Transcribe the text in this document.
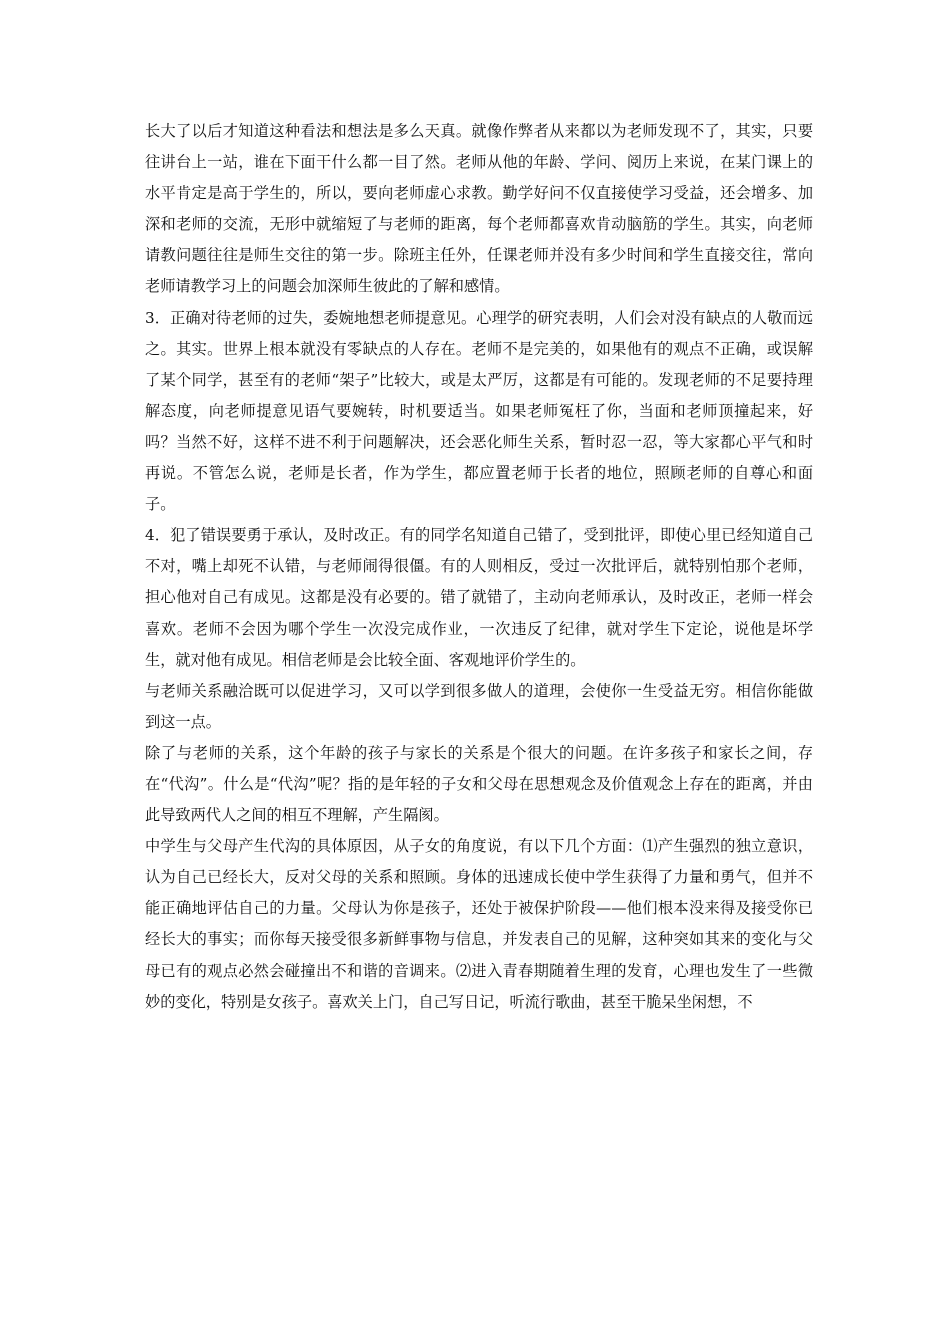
长大了以后才知道这种看法和想法是多么天真。就像作弊者从来都以为老师发现不了，其实，只要往讲台上一站，谁在下面干什么都一目了然。老师从他的年龄、学问、阅历上来说，在某门课上的水平肯定是高于学生的，所以，要向老师虚心求教。勤学好问不仅直接使学习受益，还会增多、加深和老师的交流，无形中就缩短了与老师的距离，每个老师都喜欢肯动脑筋的学生。其实，向老师请教问题往往是师生交往的第一步。除班主任外，任课老师并没有多少时间和学生直接交往，常向老师请教学习上的问题会加深师生彼此的了解和感情。

3．正确对待老师的过失，委婉地想老师提意见。心理学的研究表明，人们会对没有缺点的人敬而远之。其实。世界上根本就没有零缺点的人存在。老师不是完美的，如果他有的观点不正确，或误解了某个同学，甚至有的老师“架子”比较大，或是太严厉，这都是有可能的。发现老师的不足要持理解态度，向老师提意见语气要婉转，时机要适当。如果老师冤枉了你，当面和老师顶撞起来，好吗？当然不好，这样不进不利于问题解决，还会恶化师生关系，暂时忍一忍，等大家都心平气和时再说。不管怎么说，老师是长者，作为学生，都应置老师于长者的地位，照顾老师的自尊心和面子。

4．犯了错误要勇于承认，及时改正。有的同学名知道自己错了，受到批评，即使心里已经知道自己不对，嘴上却死不认错，与老师闹得很僵。有的人则相反，受过一次批评后，就特别怕那个老师，担心他对自己有成见。这都是没有必要的。错了就错了，主动向老师承认，及时改正，老师一样会喜欢。老师不会因为哪个学生一次没完成作业，一次违反了纪律，就对学生下定论，说他是坏学生，就对他有成见。相信老师是会比较全面、客观地评价学生的。

与老师关系融洽既可以促进学习，又可以学到很多做人的道理，会使你一生受益无穷。相信你能做到这一点。

除了与老师的关系，这个年龄的孩子与家长的关系是个很大的问题。在许多孩子和家长之间，存在“代沟”。什么是“代沟”呢？指的是年轻的子女和父母在思想观念及价值观念上存在的距离，并由此导致两代人之间的相互不理解，产生隔阂。

中学生与父母产生代沟的具体原因，从子女的角度说，有以下几个方面：⑴产生强烈的独立意识，认为自己已经长大，反对父母的关系和照顾。身体的迅速成长使中学生获得了力量和勇气，但并不能正确地评估自己的力量。父母认为你是孩子，还处于被保护阶段——他们根本没来得及接受你已经长大的事实；而你每天接受很多新鲜事物与信息，并发表自己的见解，这种突如其来的变化与父母已有的观点必然会碰撞出不和谐的音调来。⑵进入青春期随着生理的发育，心理也发生了一些微妙的变化，特别是女孩子。喜欢关上门，自己写日记，听流行歌曲，甚至干脆呆坐闲想，不
